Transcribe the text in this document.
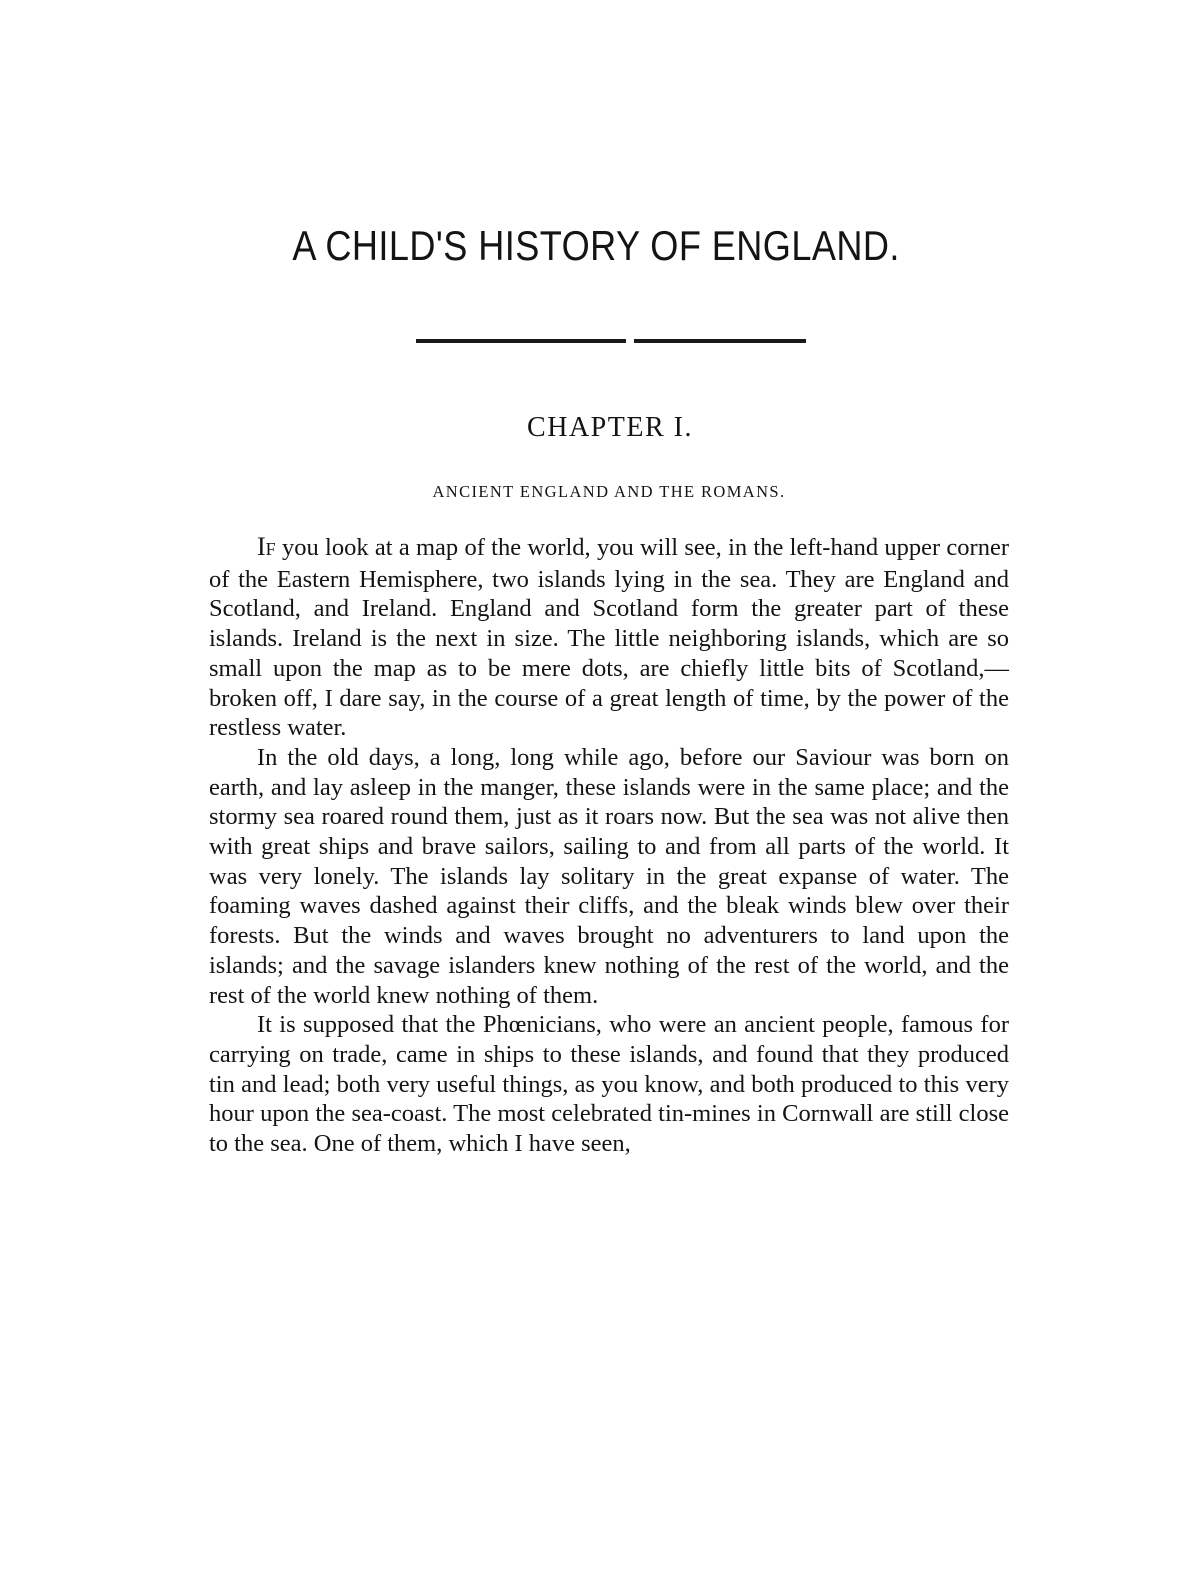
A CHILD'S HISTORY OF ENGLAND.
CHAPTER I.
ANCIENT ENGLAND AND THE ROMANS.

IF you look at a map of the world, you will see, in the left-hand upper corner of the Eastern Hemisphere, two islands lying in the sea. They are England and Scotland, and Ireland. England and Scotland form the greater part of these islands. Ireland is the next in size. The little neighboring islands, which are so small upon the map as to be mere dots, are chiefly little bits of Scotland,—broken off, I dare say, in the course of a great length of time, by the power of the restless water.

In the old days, a long, long while ago, before our Saviour was born on earth, and lay asleep in the manger, these islands were in the same place; and the stormy sea roared round them, just as it roars now. But the sea was not alive then with great ships and brave sailors, sailing to and from all parts of the world. It was very lonely. The islands lay solitary in the great expanse of water. The foaming waves dashed against their cliffs, and the bleak winds blew over their forests. But the winds and waves brought no adventurers to land upon the islands; and the savage islanders knew nothing of the rest of the world, and the rest of the world knew nothing of them.

It is supposed that the Phœnicians, who were an ancient people, famous for carrying on trade, came in ships to these islands, and found that they produced tin and lead; both very useful things, as you know, and both produced to this very hour upon the sea-coast. The most celebrated tin-mines in Cornwall are still close to the sea. One of them, which I have seen,
